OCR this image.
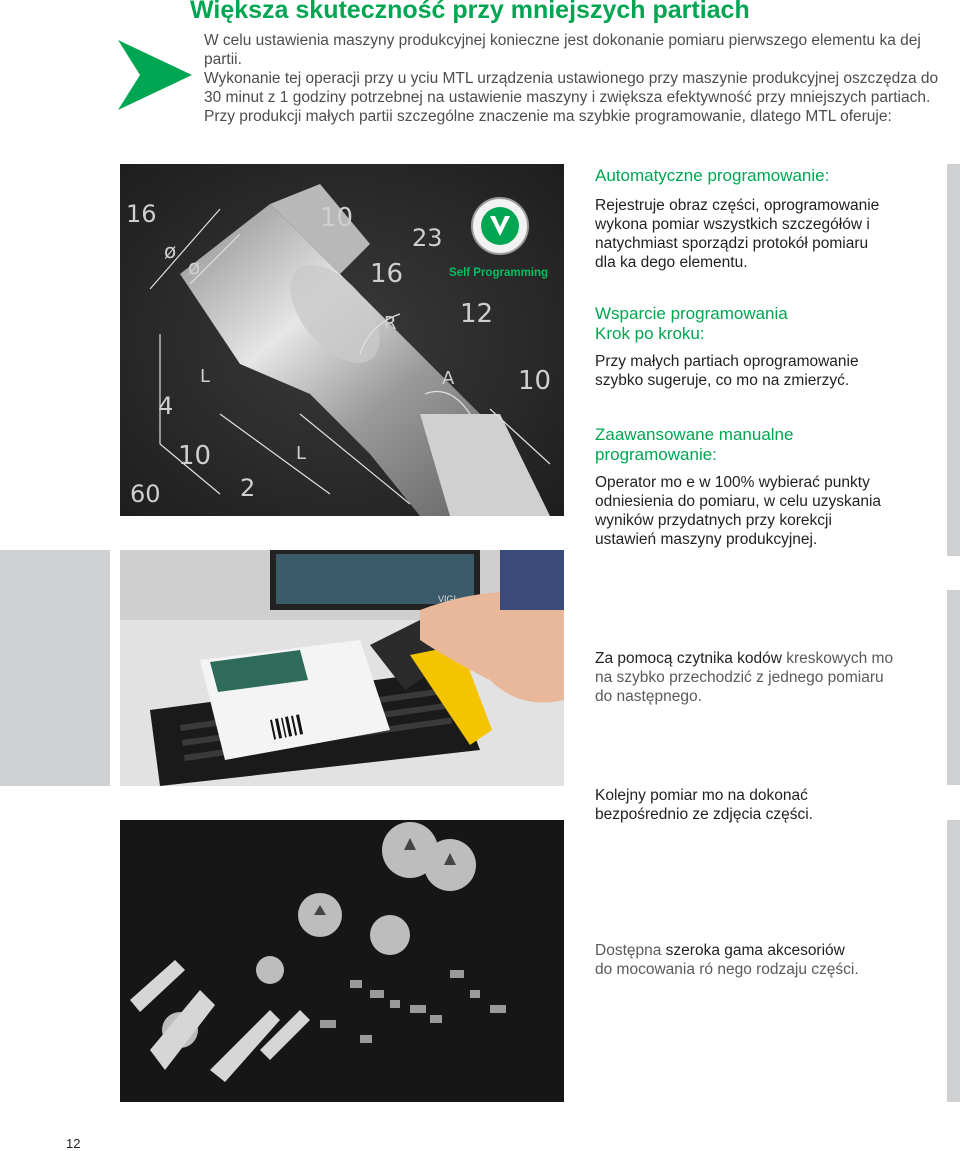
Większa skuteczność przy mniejszych partiach

W celu ustawienia maszyny produkcyjnej konieczne jest dokonanie pomiaru pierwszego elementu ka dej partii.

Wykonanie tej operacji przy u yciu MTL urządzenia ustawionego przy maszynie produkcyjnej oszczędza do 30 minut z 1 godziny potrzebnej na ustawienie maszyny i zwiększa efektywność przy mniejszych partiach.

Przy produkcji małych partii szczególne znaczenie ma szybkie programowanie, dlatego MTL oferuje:

16
ø
ø
10
23
16
R 12
A 10
L
4
10	L
60	2
Self Programming
VIGI

Automatyczne programowanie:

Rejestruje obraz części, oprogramowanie wykona pomiar wszystkich szczegółów i natychmiast sporządzi protokół pomiaru dla ka dego elementu.

Wsparcie programowania

Krok po kroku:

Przy małych partiach oprogramowanie szybko sugeruje, co mo na zmierzyć.

Zaawansowane manualne

programowanie:

Operator mo e w 100% wybierać punkty odniesienia do pomiaru, w celu uzyskania wyników przydatnych przy korekcji ustawień maszyny produkcyjnej.

Za pomocą czytnika kodów kreskowych mo na szybko przechodzić z jednego pomiaru do następnego.

Kolejny pomiar mo na dokonać bezpośrednio ze zdjęcia części.

Dostępna szeroka gama akcesoriów

do mocowania ró nego rodzaju części.

12
